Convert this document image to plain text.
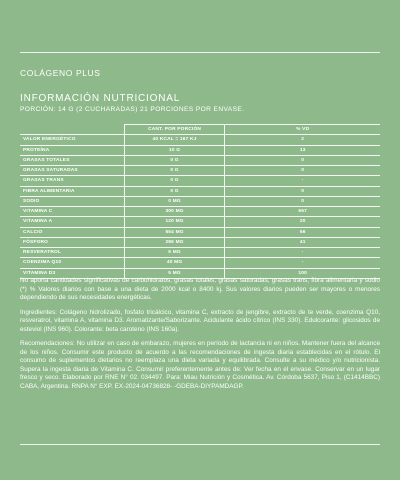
COLÁGENO PLUS
INFORMACIÓN NUTRICIONAL
PORCIÓN: 14 G (2 CUCHARADAS) 21 PORCIONES POR ENVASE.
	CANT. POR PORCIÓN	% VD
VALOR ENERGÉTICO	40 KCAL = 167 KJ	2
PROTEÍNA	10 G	13
GRASAS TOTALES	0 G	0
GRASAS SATURADAS	0 G	0
GRASAS TRANS	0 G	-
FIBRA ALIMENTARIA	0 G	0
SODIO	0 MG	0
VITAMINA C	300 MG	667
VITAMINA A	120 MG	20
CALCIO	554 MG	56
FÓSFORO	286 MG	41
RESVERATROL	5 MG	-
COENZIMA Q10	40 MG	-
VITAMINA D3	5 MG	100

No aporta cantidades significativas de carbohidratos, grasas totales, grasas saturadas, grasas trans, fibra alimentaria y sodio (*) % Valores diarios con base a una dieta de 2000 kcal o 8400 kj. Sus valores diarios pueden ser mayores o menores dependiendo de sus necesidades energéticas.

Ingredientes: Colágeno hidrolizado, fosfato tricálcico, vitamina C, extracto de jengibre, extracto de te verde, coenzima Q10, resveratrol, vitamina A, vitamina D3. Aromatizante/Saborizante. Acidulante ácido cítrico (INS 330). Edulcorante: glicosidos de esteviol (INS 960). Colorante: beta caroteno (INS 160a).

Recomendaciones: No utilizar en caso de embarazo, mujeres en período de lactancia ni en niños. Mantener fuera del alcance de los niños. Consumir este producto de acuerdo a las recomendaciones de ingesta diaria establecidas en el rótulo. El consumo de suplementos dietarios no reemplaza una dieta variada y equilibrada. Consulte a su médico y/o nutricionista. Supera la ingesta diaria de Vitamina C. Consumir preferentemente antes de: Ver fecha en el envase. Conservar en un lugar fresco y seco. Elaborado por RNE N° 02. 034497. Para: Miau Nutrición y Cosmética. Av. Córdoba 5637, Piso 1, (C1414BBC) CABA, Argentina. RNPA N° EXP. EX-2024-04736828- -GDEBA-DIYPAMDAGP.
